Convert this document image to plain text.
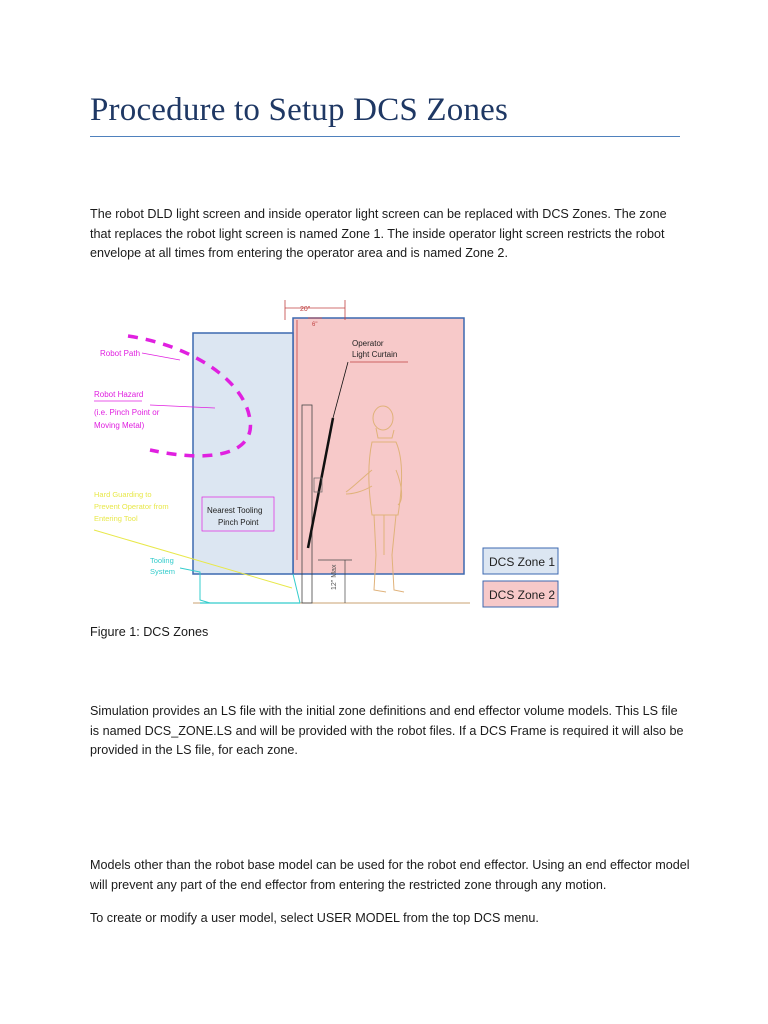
Procedure to Setup DCS Zones

The robot DLD light screen and inside operator light screen can be replaced with DCS Zones. The zone that replaces the robot light screen is named Zone 1. The inside operator light screen restricts the robot envelope at all times from entering the operator area and is named Zone 2.

20"
6"
Operator
Light Curtain
12" Max
Robot Path
Robot Hazard
(i.e. Pinch Point or
Moving Metal)
Hard Guarding to
Prevent Operator from
Entering Tool
Tooling
System
Nearest Tooling
Pinch Point
DCS Zone 1
DCS Zone 2

Figure 1: DCS Zones

Simulation provides an LS file with the initial zone definitions and end effector volume models. This LS file is named DCS_ZONE.LS and will be provided with the robot files. If a DCS Frame is required it will also be provided in the LS file, for each zone.

Models other than the robot base model can be used for the robot end effector. Using an end effector model will prevent any part of the end effector from entering the restricted zone through any motion.

To create or modify a user model, select USER MODEL from the top DCS menu.
